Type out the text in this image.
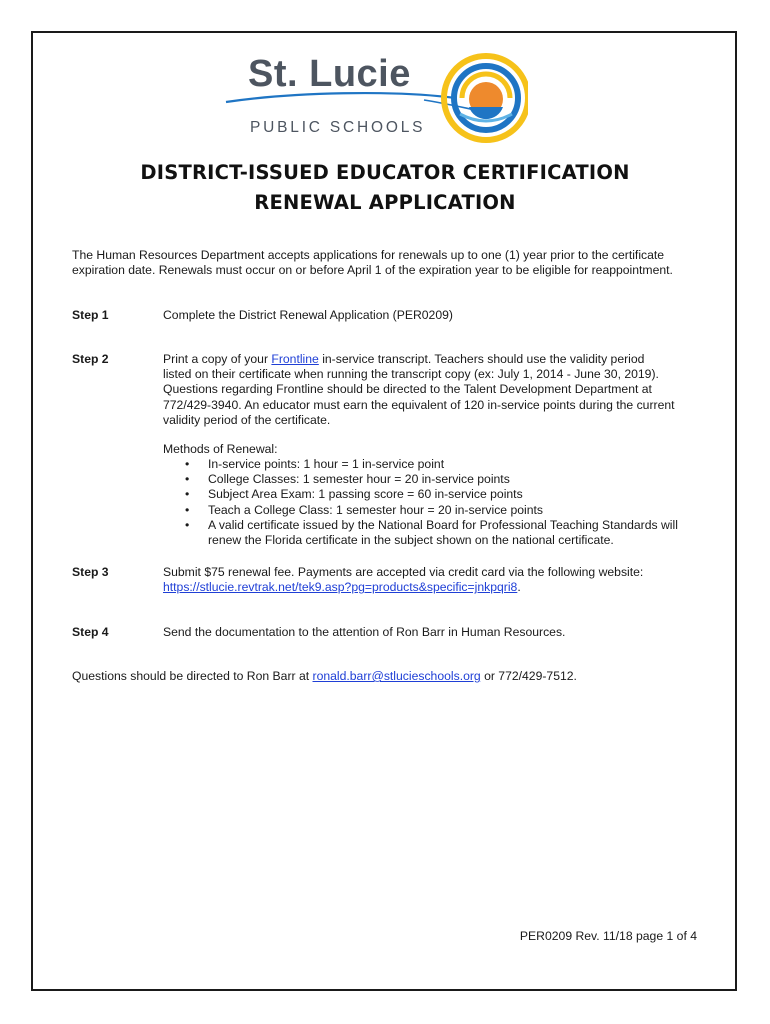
St. Lucie
PUBLIC SCHOOLS
DISTRICT-ISSUED EDUCATOR CERTIFICATION
RENEWAL APPLICATION
The Human Resources Department accepts applications for renewals up to one (1) year prior to the certificate
expiration date. Renewals must occur on or before April 1 of the expiration year to be eligible for reappointment.
Step 1	Complete the District Renewal Application (PER0209)
Step 2	Print a copy of your Frontline in-service transcript. Teachers should use the validity period
listed on their certificate when running the transcript copy (ex: July 1, 2014 - June 30, 2019).
Questions regarding Frontline should be directed to the Talent Development Department at
772/429-3940. An educator must earn the equivalent of 120 in-service points during the current
validity period of the certificate.
Methods of Renewal:
• In-service points: 1 hour = 1 in-service point
• College Classes: 1 semester hour = 20 in-service points
• Subject Area Exam: 1 passing score = 60 in-service points
• Teach a College Class: 1 semester hour = 20 in-service points
• A valid certificate issued by the National Board for Professional Teaching Standards will
renew the Florida certificate in the subject shown on the national certificate.
Step 3	Submit $75 renewal fee. Payments are accepted via credit card via the following website:
https://stlucie.revtrak.net/tek9.asp?pg=products&specific=jnkpqri8.
Step 4	Send the documentation to the attention of Ron Barr in Human Resources.
Questions should be directed to Ron Barr at ronald.barr@stlucieschools.org or 772/429-7512.
PER0209 Rev. 11/18 page 1 of 4
